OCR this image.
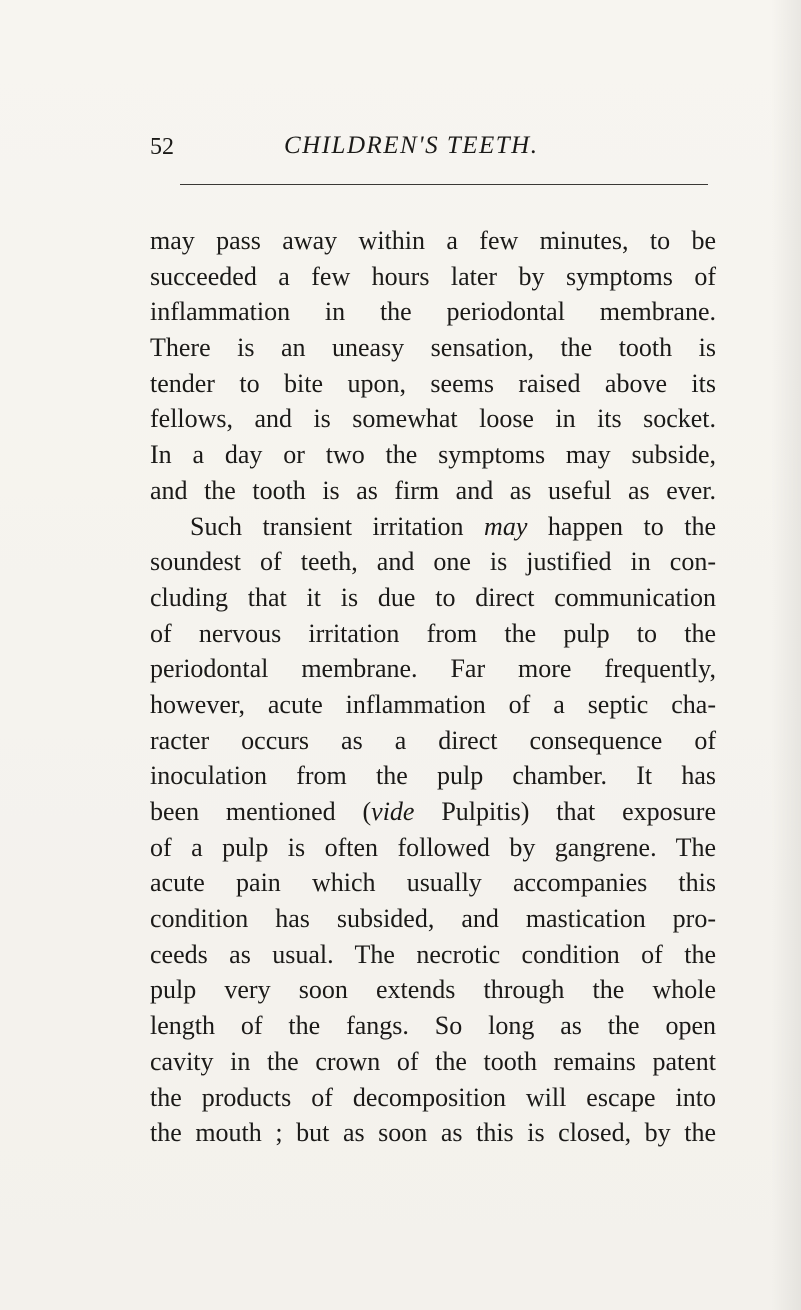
52	CHILDREN'S TEETH.
may pass away within a few minutes, to be
succeeded a few hours later by symptoms of
inflammation in the periodontal membrane.
There is an uneasy sensation, the tooth is
tender to bite upon, seems raised above its
fellows, and is somewhat loose in its socket.
In a day or two the symptoms may subside,
and the tooth is as firm and as useful as ever.
Such transient irritation may happen to the
soundest of teeth, and one is justified in con-
cluding that it is due to direct communication
of nervous irritation from the pulp to the
periodontal membrane. Far more frequently,
however, acute inflammation of a septic cha-
racter occurs as a direct consequence of
inoculation from the pulp chamber. It has
been mentioned (vide Pulpitis) that exposure
of a pulp is often followed by gangrene. The
acute pain which usually accompanies this
condition has subsided, and mastication pro-
ceeds as usual. The necrotic condition of the
pulp very soon extends through the whole
length of the fangs. So long as the open
cavity in the crown of the tooth remains patent
the products of decomposition will escape into
the mouth ; but as soon as this is closed, by the
